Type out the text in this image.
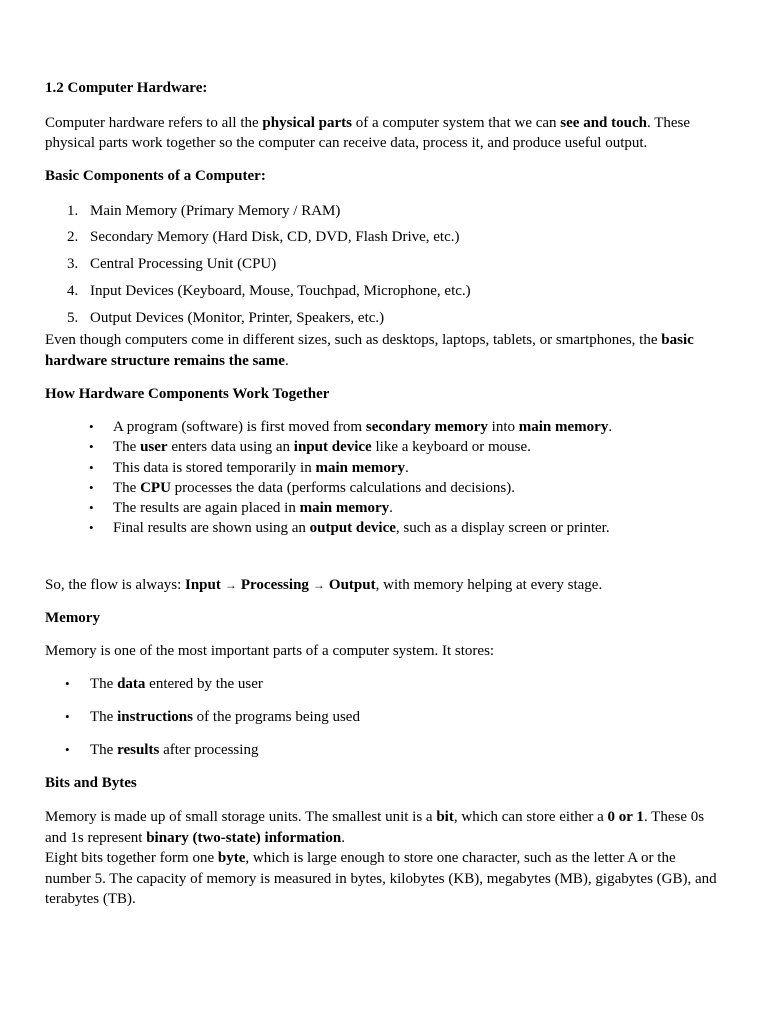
1.2 Computer Hardware:

Computer hardware refers to all the physical parts of a computer system that we can see and touch. These physical parts work together so the computer can receive data, process it, and produce useful output.

Basic Components of a Computer:

1. Main Memory (Primary Memory / RAM)
2. Secondary Memory (Hard Disk, CD, DVD, Flash Drive, etc.)
3. Central Processing Unit (CPU)
4. Input Devices (Keyboard, Mouse, Touchpad, Microphone, etc.)
5. Output Devices (Monitor, Printer, Speakers, etc.)

Even though computers come in different sizes, such as desktops, laptops, tablets, or smartphones, the basic hardware structure remains the same.

How Hardware Components Work Together

• A program (software) is first moved from secondary memory into main memory.
• The user enters data using an input device like a keyboard or mouse.
• This data is stored temporarily in main memory.
• The CPU processes the data (performs calculations and decisions).
• The results are again placed in main memory.
• Final results are shown using an output device, such as a display screen or printer.

So, the flow is always: Input → Processing → Output, with memory helping at every stage.

Memory

Memory is one of the most important parts of a computer system. It stores:

• The data entered by the user
• The instructions of the programs being used
• The results after processing

Bits and Bytes

Memory is made up of small storage units. The smallest unit is a bit, which can store either a 0 or 1. These 0s and 1s represent binary (two-state) information.

Eight bits together form one byte, which is large enough to store one character, such as the letter A or the number 5. The capacity of memory is measured in bytes, kilobytes (KB), megabytes (MB), gigabytes (GB), and terabytes (TB).
